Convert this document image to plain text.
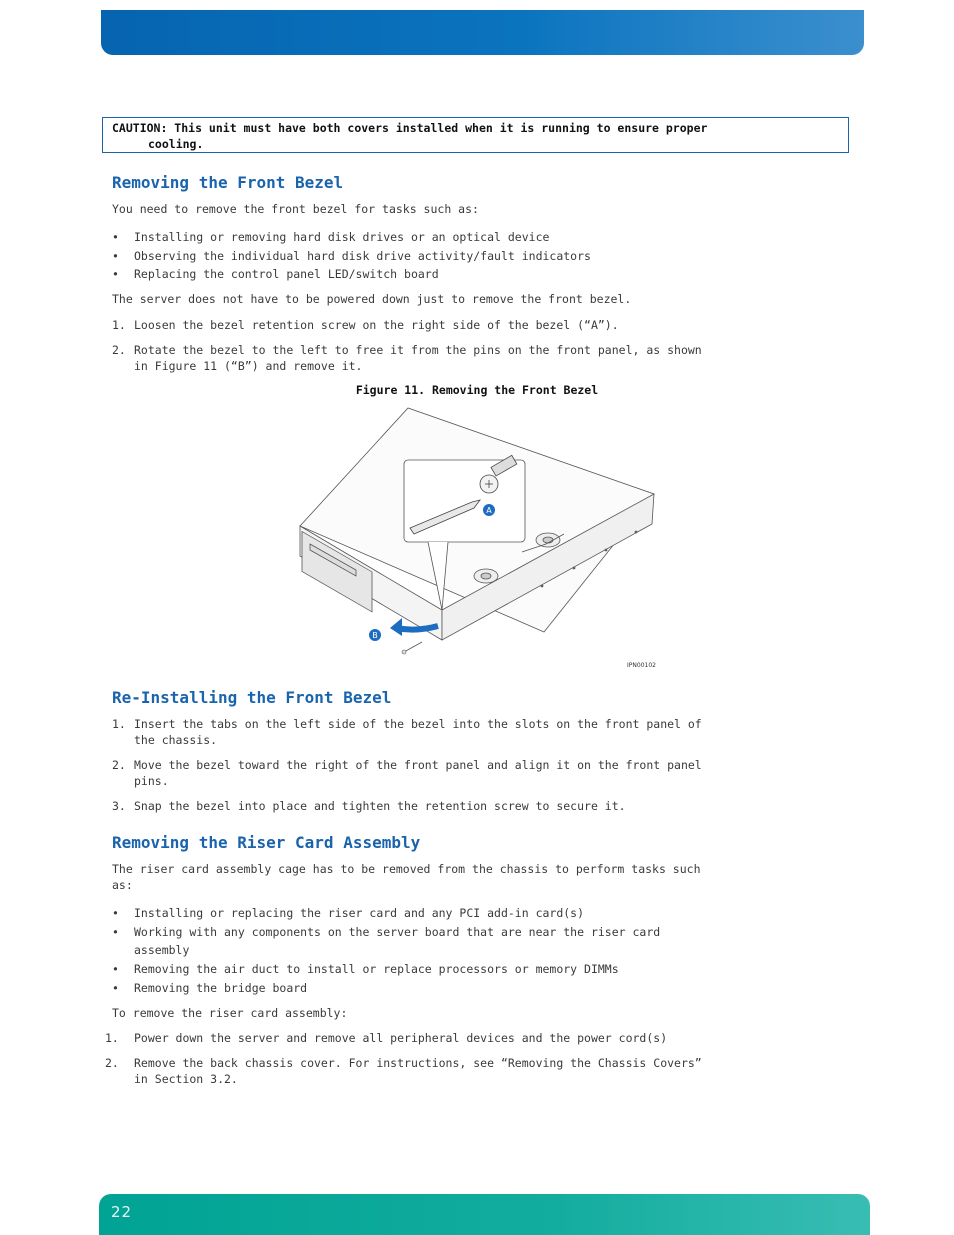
CAUTION: This unit must have both covers installed when it is running to ensure proper
cooling.
Removing the Front Bezel

You need to remove the front bezel for tasks such as:

• Installing or removing hard disk drives or an optical device
• Observing the individual hard disk drive activity/fault indicators
• Replacing the control panel LED/switch board

The server does not have to be powered down just to remove the front bezel.

1. Loosen the bezel retention screw on the right side of the bezel (“A”).
2. Rotate the bezel to the left to free it from the pins on the front panel, as shown
in Figure 11 (“B”) and remove it.

Figure 11. Removing the Front Bezel

A
B
IPN00102
Re-Installing the Front Bezel
1. Insert the tabs on the left side of the bezel into the slots on the front panel of
the chassis.
2. Move the bezel toward the right of the front panel and align it on the front panel
pins.
3. Snap the bezel into place and tighten the retention screw to secure it.
Removing the Riser Card Assembly

The riser card assembly cage has to be removed from the chassis to perform tasks such

as:

• Installing or replacing the riser card and any PCI add-in card(s)
• Working with any components on the server board that are near the riser card
assembly
• Removing the air duct to install or replace processors or memory DIMMs
• Removing the bridge board

To remove the riser card assembly:

1. Power down the server and remove all peripheral devices and the power cord(s)
2. Remove the back chassis cover. For instructions, see “Removing the Chassis Covers”
in Section 3.2.
22
